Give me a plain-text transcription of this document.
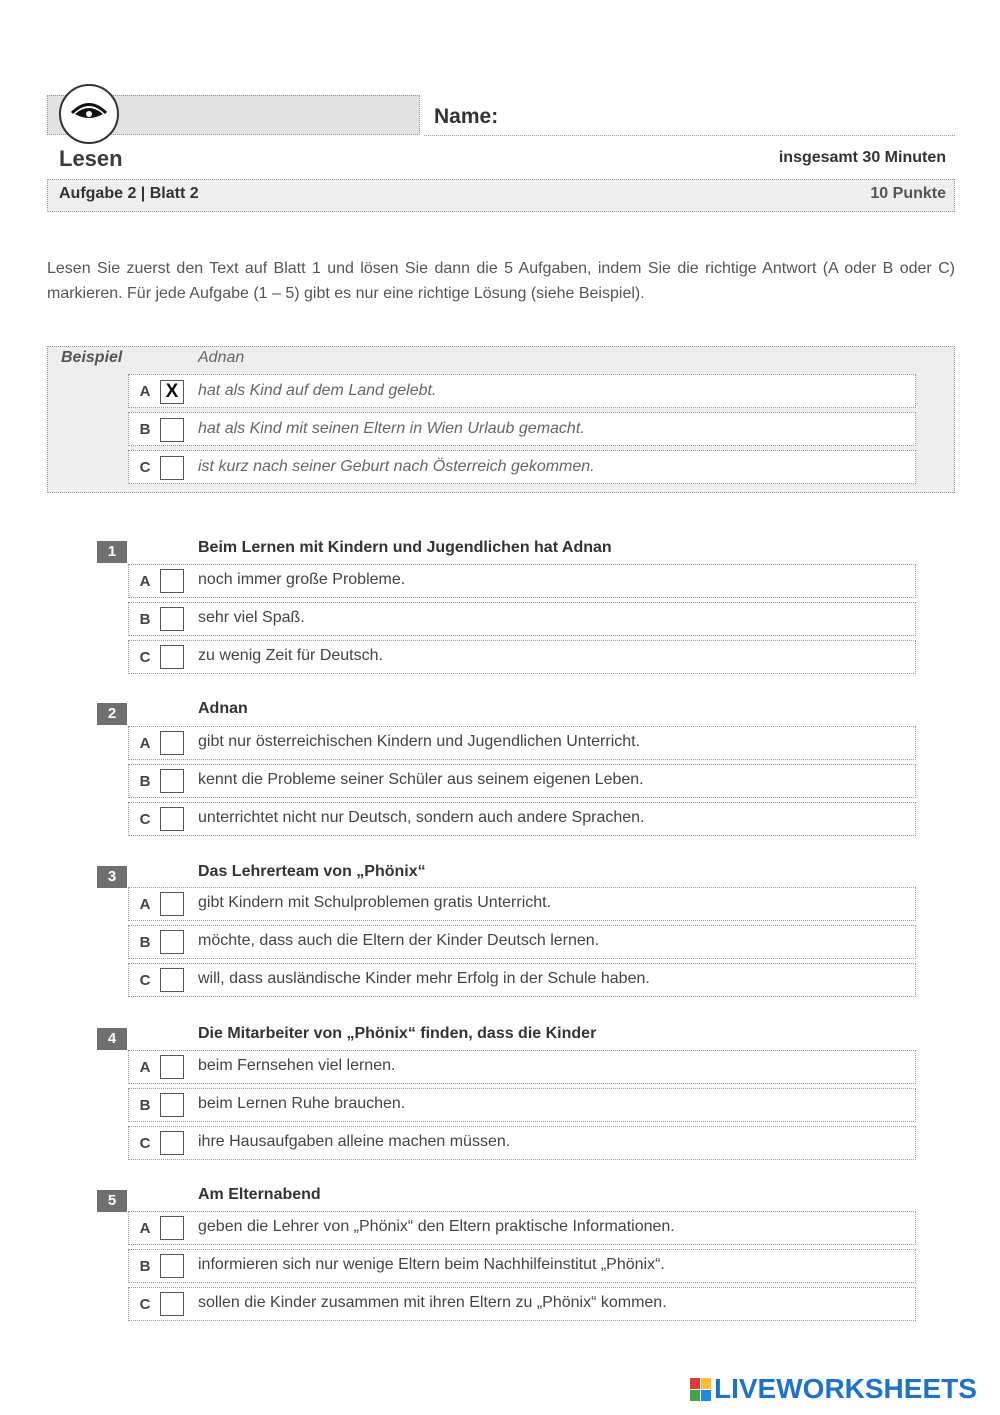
Name:
Lesen	insgesamt 30 Minuten
Aufgabe 2 | Blatt 2	10 Punkte
Lesen Sie zuerst den Text auf Blatt 1 und lösen Sie dann die 5 Aufgaben, indem Sie die richtige Antwort (A oder B oder C) markieren. Für jede Aufgabe (1 – 5) gibt es nur eine richtige Lösung (siehe Beispiel).
Beispiel	Adnan
A X	hat als Kind auf dem Land gelebt.
B	hat als Kind mit seinen Eltern in Wien Urlaub gemacht.
C	ist kurz nach seiner Geburt nach Österreich gekommen.
1	Beim Lernen mit Kindern und Jugendlichen hat Adnan
A	noch immer große Probleme.
B	sehr viel Spaß.
C	zu wenig Zeit für Deutsch.
2	Adnan
A	gibt nur österreichischen Kindern und Jugendlichen Unterricht.
B	kennt die Probleme seiner Schüler aus seinem eigenen Leben.
C	unterrichtet nicht nur Deutsch, sondern auch andere Sprachen.
3	Das Lehrerteam von „Phönix“
A	gibt Kindern mit Schulproblemen gratis Unterricht.
B	möchte, dass auch die Eltern der Kinder Deutsch lernen.
C	will, dass ausländische Kinder mehr Erfolg in der Schule haben.
4	Die Mitarbeiter von „Phönix“ finden, dass die Kinder
A	beim Fernsehen viel lernen.
B	beim Lernen Ruhe brauchen.
C	ihre Hausaufgaben alleine machen müssen.
5	Am Elternabend
A	geben die Lehrer von „Phönix“ den Eltern praktische Informationen.
B	informieren sich nur wenige Eltern beim Nachhilfeinstitut „Phönix“.
C	sollen die Kinder zusammen mit ihren Eltern zu „Phönix“ kommen.
LIVEWORKSHEETS
